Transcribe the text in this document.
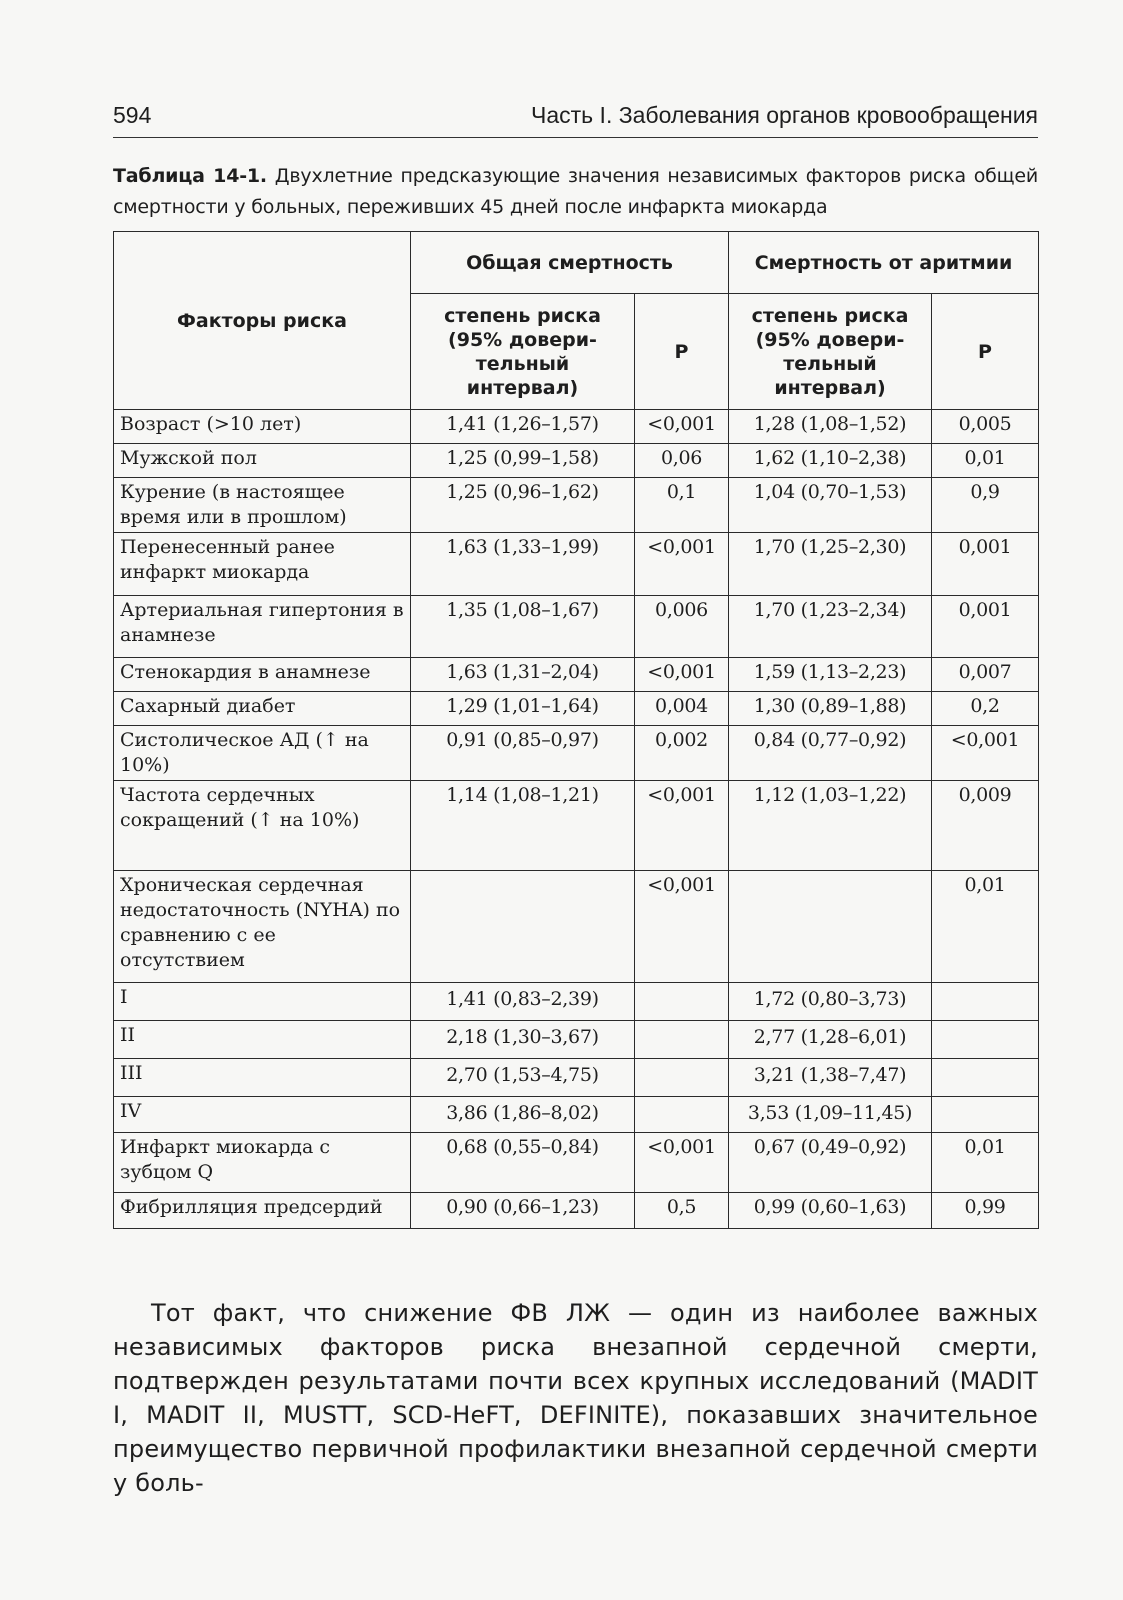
594	Часть I. Заболевания органов кровообращения
Таблица 14-1. Двухлетние предсказующие значения независимых факторов риска общей смертности у больных, переживших 45 дней после инфаркта миокарда
Факторы риска	Общая смертность		Смертность от аритмии	
	степень риска (95% довери-тельный интервал)	Р	степень риска (95% довери-тельный интервал)	Р
Возраст (>10 лет)	1,41 (1,26–1,57)	<0,001	1,28 (1,08–1,52)	0,005
Мужской пол	1,25 (0,99–1,58)	0,06	1,62 (1,10–2,38)	0,01
Курение (в настоящее время или в прошлом)	1,25 (0,96–1,62)	0,1	1,04 (0,70–1,53)	0,9
Перенесенный ранее инфаркт миокарда	1,63 (1,33–1,99)	<0,001	1,70 (1,25–2,30)	0,001
Артериальная гипертония в анамнезе	1,35 (1,08–1,67)	0,006	1,70 (1,23–2,34)	0,001
Стенокардия в анамнезе	1,63 (1,31–2,04)	<0,001	1,59 (1,13–2,23)	0,007
Сахарный диабет	1,29 (1,01–1,64)	0,004	1,30 (0,89–1,88)	0,2
Систолическое АД (↑ на 10%)	0,91 (0,85–0,97)	0,002	0,84 (0,77–0,92)	<0,001
Частота сердечных сокращений (↑ на 10%)	1,14 (1,08–1,21)	<0,001	1,12 (1,03–1,22)	0,009
Хроническая сердечная недостаточность (NYHA) по сравнению с ее отсутствием		<0,001		0,01
I	1,41 (0,83–2,39)		1,72 (0,80–3,73)	
II	2,18 (1,30–3,67)		2,77 (1,28–6,01)	
III	2,70 (1,53–4,75)		3,21 (1,38–7,47)	
IV	3,86 (1,86–8,02)		3,53 (1,09–11,45)	
Инфаркт миокарда с зубцом Q	0,68 (0,55–0,84)	<0,001	0,67 (0,49–0,92)	0,01
Фибрилляция предсердий	0,90 (0,66–1,23)	0,5	0,99 (0,60–1,63)	0,99
Тот факт, что снижение ФВ ЛЖ — один из наиболее важных независимых факторов риска внезапной сердечной смерти, подтвержден результатами почти всех крупных исследований (MADIT I, MADIT II, MUSTT, SCD-HeFT, DEFINITE), показавших значительное преимущество первичной профилактики внезапной сердечной смерти у боль-
